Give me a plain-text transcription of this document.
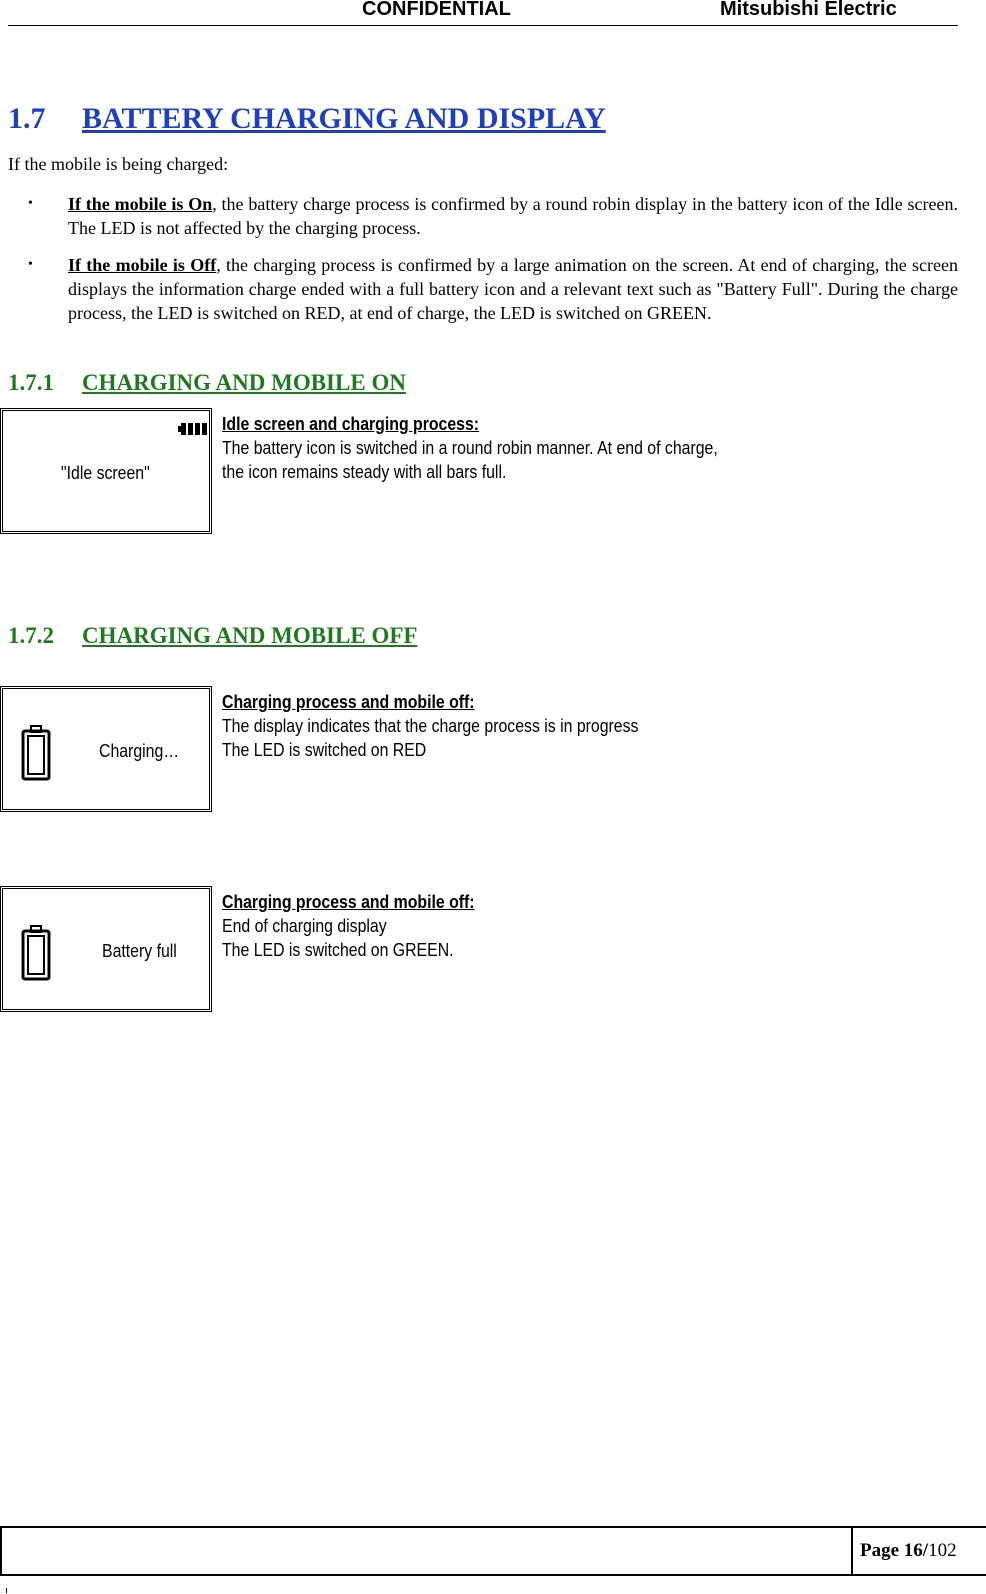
CONFIDENTIAL	Mitsubishi Electric
1.7 BATTERY CHARGING AND DISPLAY
If the mobile is being charged:
• If the mobile is On, the battery charge process is confirmed by a round robin display in the battery icon of the Idle screen. The LED is not affected by the charging process.
• If the mobile is Off, the charging process is confirmed by a large animation on the screen. At end of charging, the screen displays the information charge ended with a full battery icon and a relevant text such as "Battery Full". During the charge process, the LED is switched on RED, at end of charge, the LED is switched on GREEN.
1.7.1 CHARGING AND MOBILE ON
"Idle screen"
Idle screen and charging process:
The battery icon is switched in a round robin manner. At end of charge,
the icon remains steady with all bars full.
1.7.2 CHARGING AND MOBILE OFF
Charging…
Charging process and mobile off:
The display indicates that the charge process is in progress
The LED is switched on RED
Battery full
Charging process and mobile off:
End of charging display
The LED is switched on GREEN.
Page 16/102
